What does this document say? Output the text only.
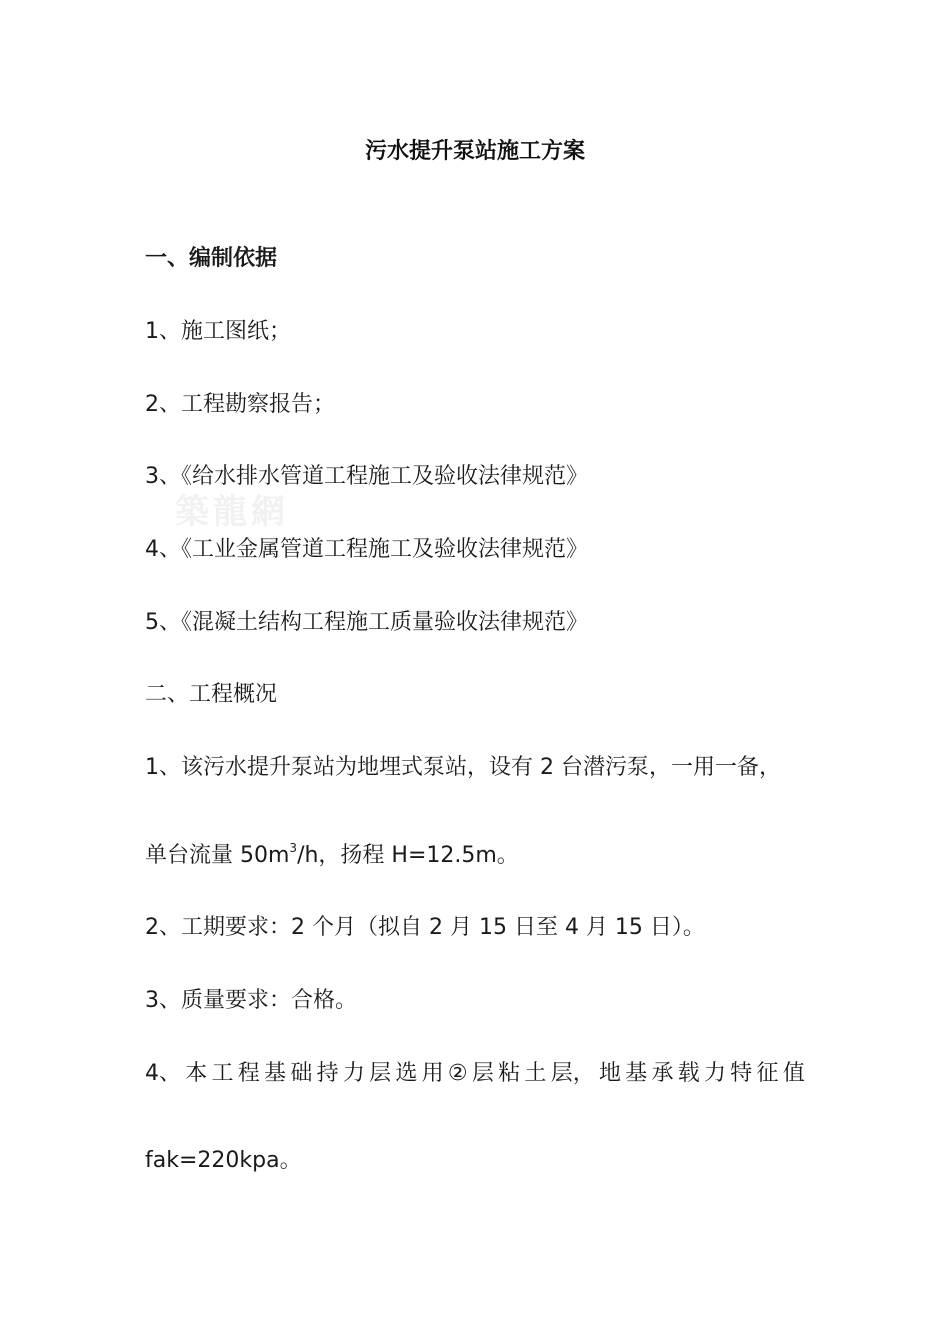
築龍網
污水提升泵站施工方案
一、编制依据
1、施工图纸；
2、工程勘察报告；
3、《给水排水管道工程施工及验收法律规范》
4、《工业金属管道工程施工及验收法律规范》
5、《混凝土结构工程施工质量验收法律规范》
二、工程概况
1、该污水提升泵站为地埋式泵站，设有 2 台潜污泵，一用一备，
单台流量 $50m^3/h$，扬程 H=12.5m。
2、工期要求：2 个月（拟自 2 月 15 日至 4 月 15 日）。
3、质量要求：合格。
4、 本 工 程 基 础 持 力 层 选 用 ② 层 粘 土 层， 地 基 承 载 力 特 征 值
fak=220kpa。
